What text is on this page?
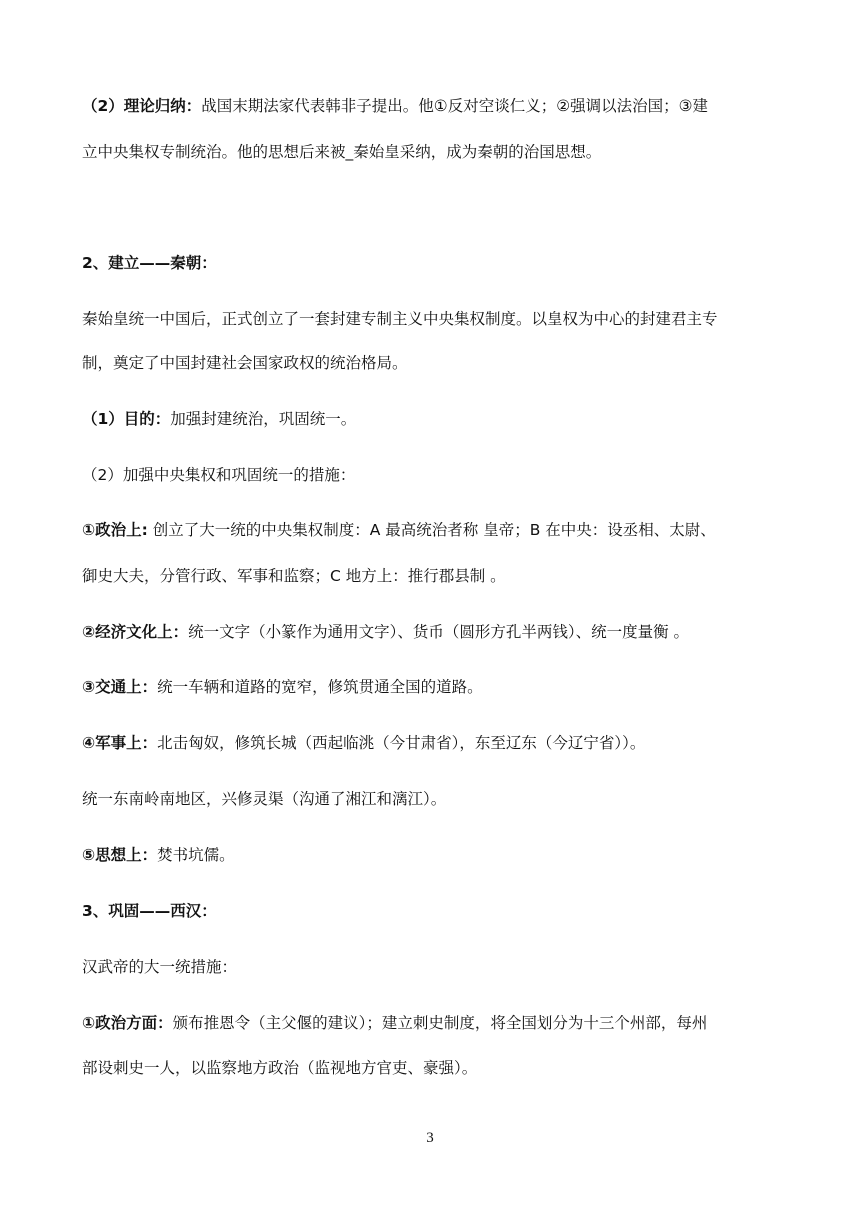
（2）理论归纳：战国末期法家代表韩非子提出。他①反对空谈仁义；②强调以法治国；③建
立中央集权专制统治。他的思想后来被_秦始皇采纳，成为秦朝的治国思想。
2、建立——秦朝：
秦始皇统一中国后，正式创立了一套封建专制主义中央集权制度。以皇权为中心的封建君主专
制，奠定了中国封建社会国家政权的统治格局。
（1）目的：加强封建统治，巩固统一。
（2）加强中央集权和巩固统一的措施：
①政治上: 创立了大一统的中央集权制度：A 最高统治者称 皇帝；B 在中央：设丞相、太尉、
御史大夫，分管行政、军事和监察；C 地方上：推行郡县制 。
②经济文化上：统一文字（小篆作为通用文字）、货币（圆形方孔半两钱）、统一度量衡 。
③交通上：统一车辆和道路的宽窄，修筑贯通全国的道路。
④军事上：北击匈奴，修筑长城（西起临洮（今甘肃省），东至辽东（今辽宁省））。
统一东南岭南地区，兴修灵渠（沟通了湘江和漓江）。
⑤思想上：焚书坑儒。
3、巩固——西汉：
汉武帝的大一统措施：
①政治方面：颁布推恩令（主父偃的建议）；建立刺史制度，将全国划分为十三个州部，每州
部设刺史一人，以监察地方政治（监视地方官吏、豪强）。
3
